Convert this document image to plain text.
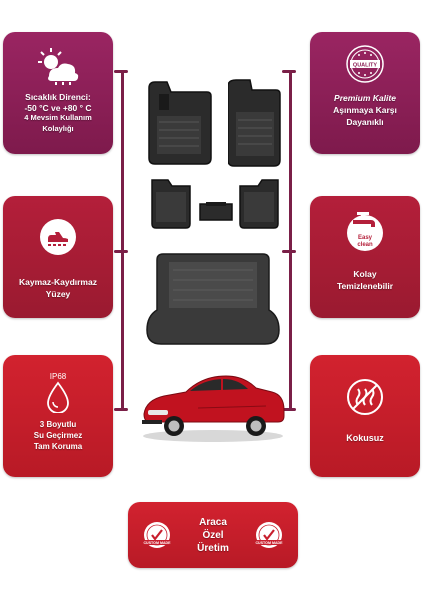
Sıcaklık Direnci:
-50 °C ve +80 ° C
4 Mevsim Kullanım
Kolaylığı
QUALITY
Premium Kalite
Aşınmaya Karşı
Dayanıklı
Kaymaz-Kaydırmaz
Yüzey
Easy
clean
Kolay
Temizlenebilir
IP68
3 Boyutlu
Su Geçirmez
Tam Koruma
Kokusuz
CUSTOM MADE
Araca
Özel
Üretim	CUSTOM MADE
